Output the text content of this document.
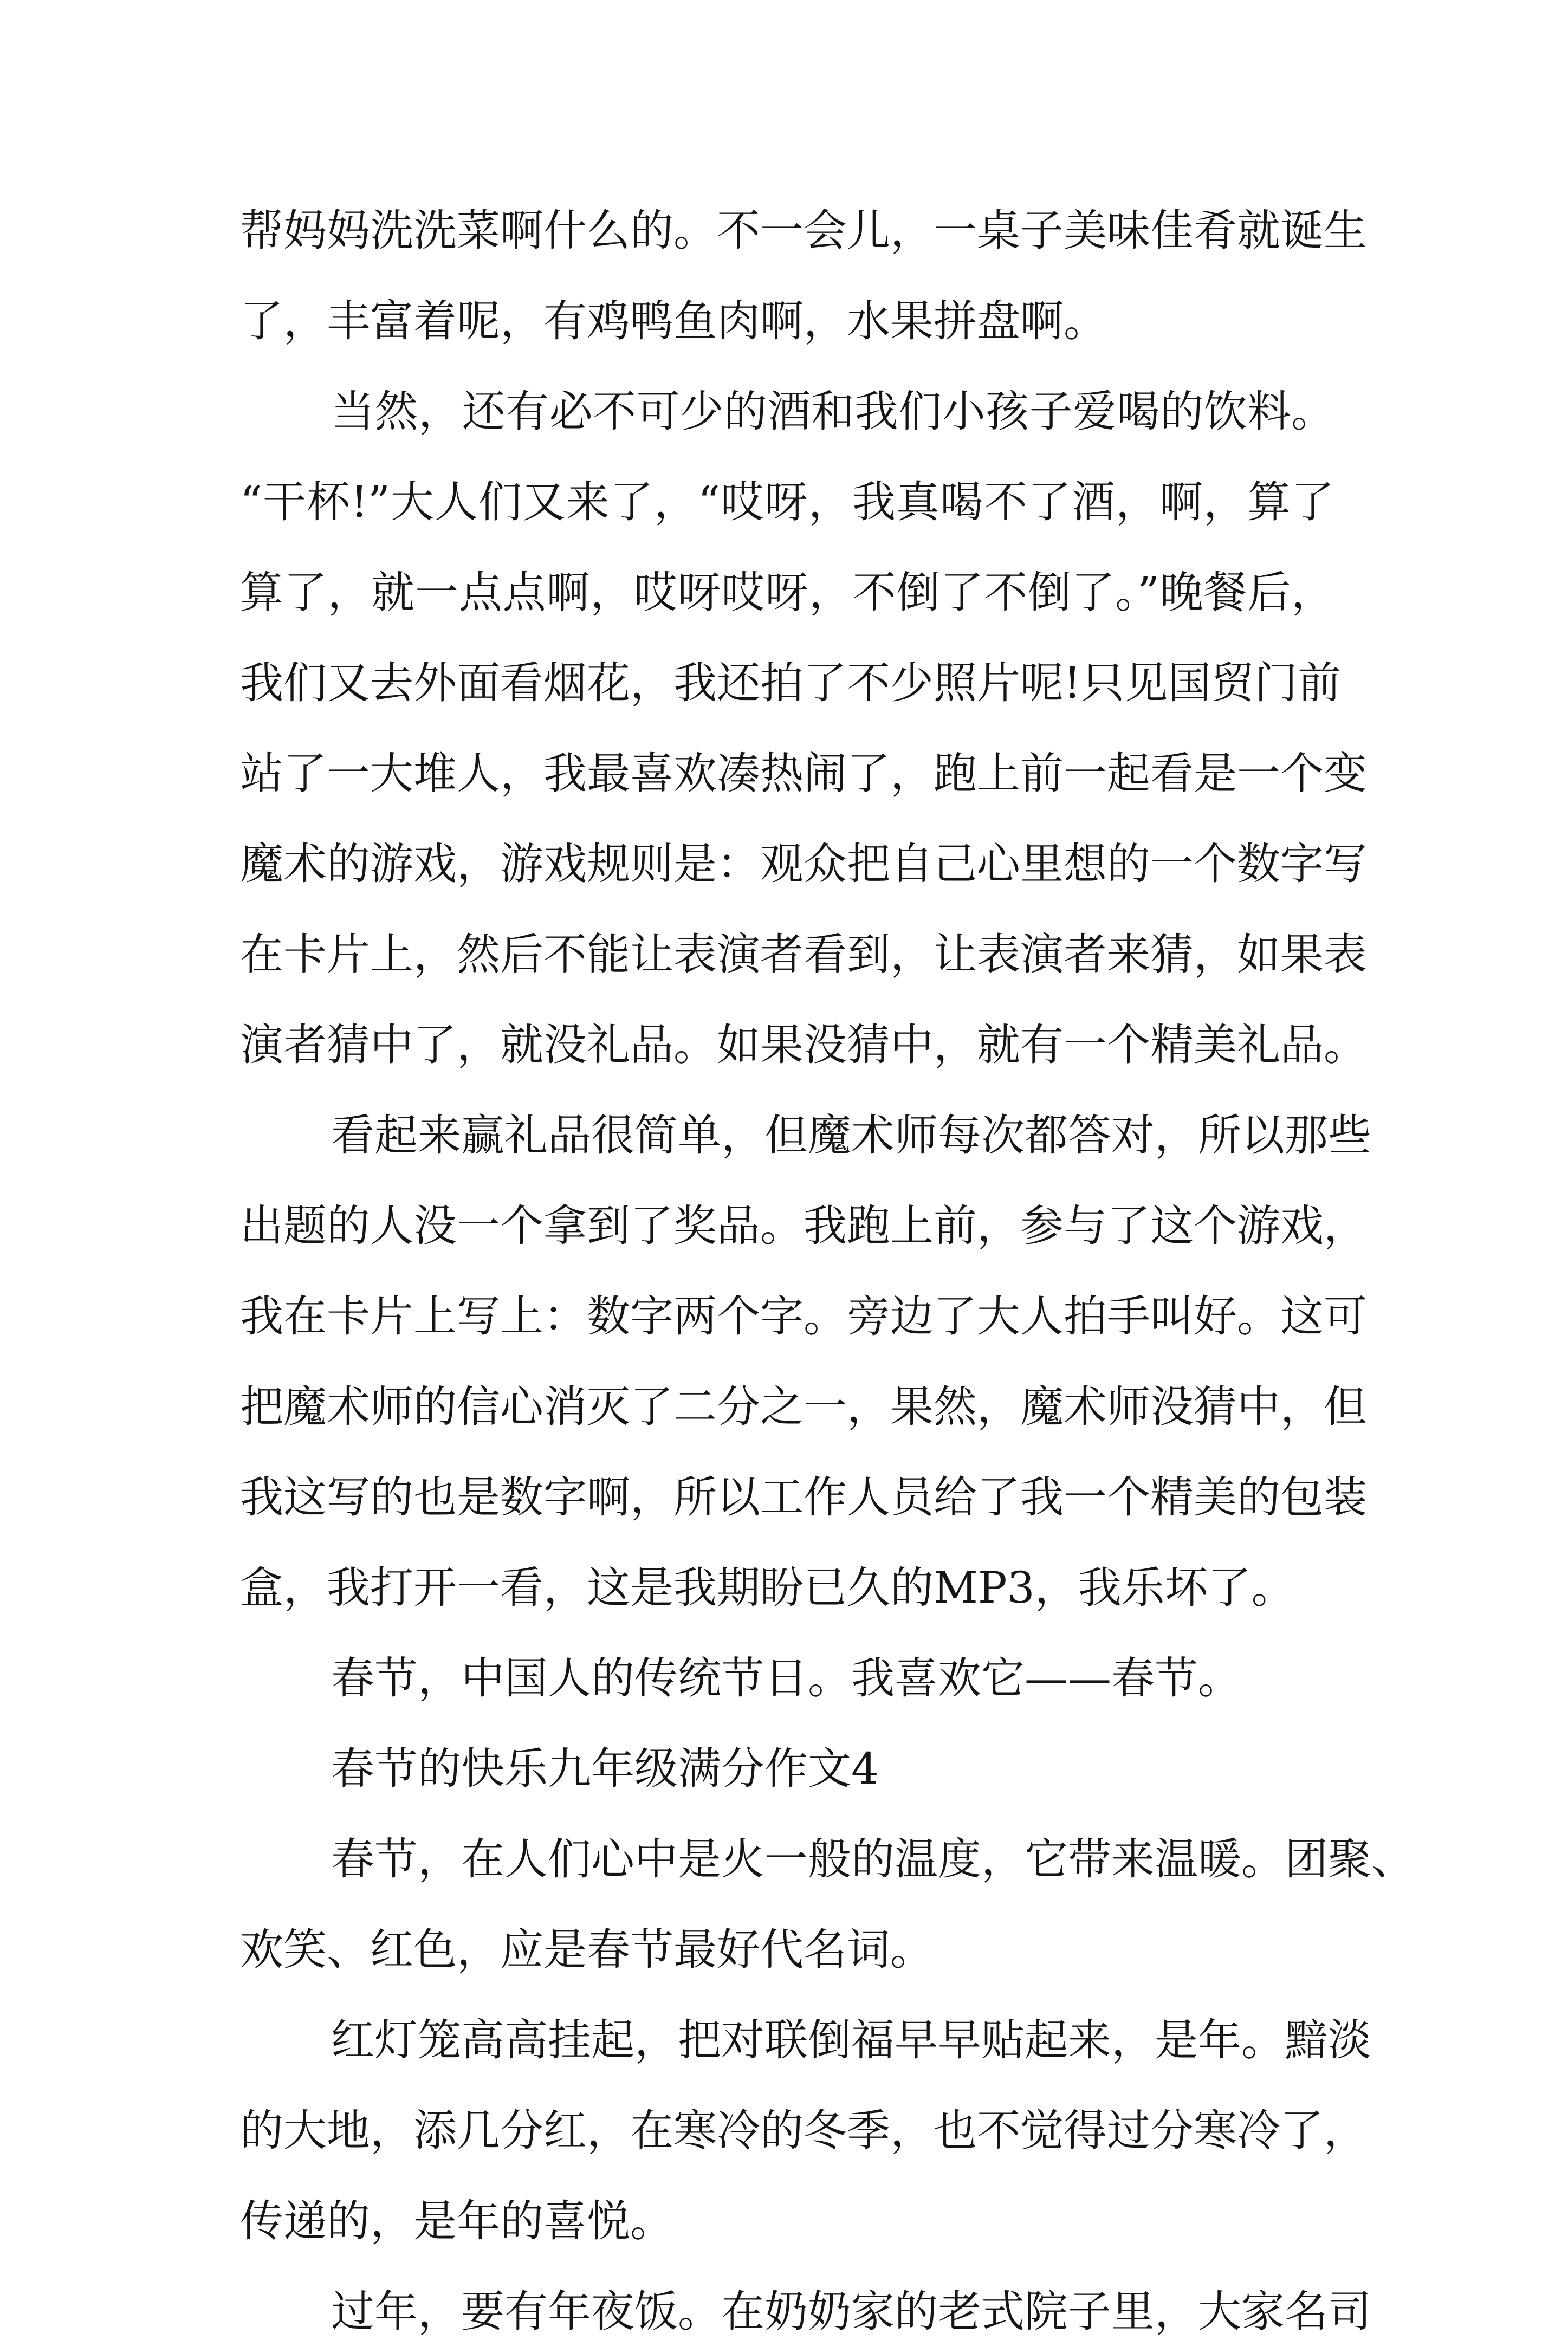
帮妈妈洗洗菜啊什么的。不一会儿，一桌子美味佳肴就诞生
了，丰富着呢，有鸡鸭鱼肉啊，水果拼盘啊。
当然，还有必不可少的酒和我们小孩子爱喝的饮料。
“干杯!”大人们又来了，“哎呀，我真喝不了酒，啊，算了
算了，就一点点啊，哎呀哎呀，不倒了不倒了。”晚餐后，
我们又去外面看烟花，我还拍了不少照片呢!只见国贸门前
站了一大堆人，我最喜欢凑热闹了，跑上前一起看是一个变
魔术的游戏，游戏规则是：观众把自己心里想的一个数字写
在卡片上，然后不能让表演者看到，让表演者来猜，如果表
演者猜中了，就没礼品。如果没猜中，就有一个精美礼品。
看起来赢礼品很简单，但魔术师每次都答对，所以那些
出题的人没一个拿到了奖品。我跑上前，参与了这个游戏，
我在卡片上写上：数字两个字。旁边了大人拍手叫好。这可
把魔术师的信心消灭了二分之一，果然，魔术师没猜中，但
我这写的也是数字啊，所以工作人员给了我一个精美的包装
盒，我打开一看，这是我期盼已久的MP3，我乐坏了。
春节，中国人的传统节日。我喜欢它——春节。
春节的快乐九年级满分作文4
春节，在人们心中是火一般的温度，它带来温暖。团聚、
欢笑、红色，应是春节最好代名词。
红灯笼高高挂起，把对联倒福早早贴起来，是年。黯淡
的大地，添几分红，在寒冷的冬季，也不觉得过分寒冷了，
传递的，是年的喜悦。
过年，要有年夜饭。在奶奶家的老式院子里，大家名司
